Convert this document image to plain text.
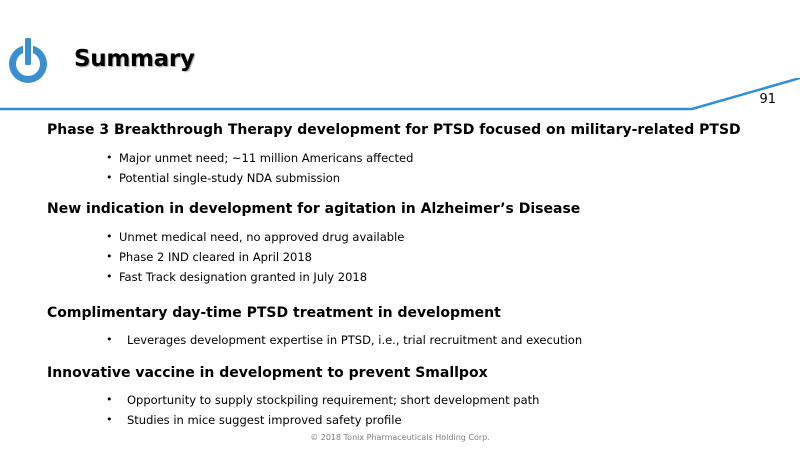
Summary
91

Phase 3 Breakthrough Therapy development for PTSD focused on military-related PTSD

• Major unmet need; ~11 million Americans affected
• Potential single-study NDA submission

New indication in development for agitation in Alzheimer’s Disease

• Unmet medical need, no approved drug available
• Phase 2 IND cleared in April 2018
• Fast Track designation granted in July 2018

Complimentary day-time PTSD treatment in development

• Leverages development expertise in PTSD, i.e., trial recruitment and execution

Innovative vaccine in development to prevent Smallpox

• Opportunity to supply stockpiling requirement; short development path
• Studies in mice suggest improved safety profile
© 2018 Tonix Pharmaceuticals Holding Corp.
